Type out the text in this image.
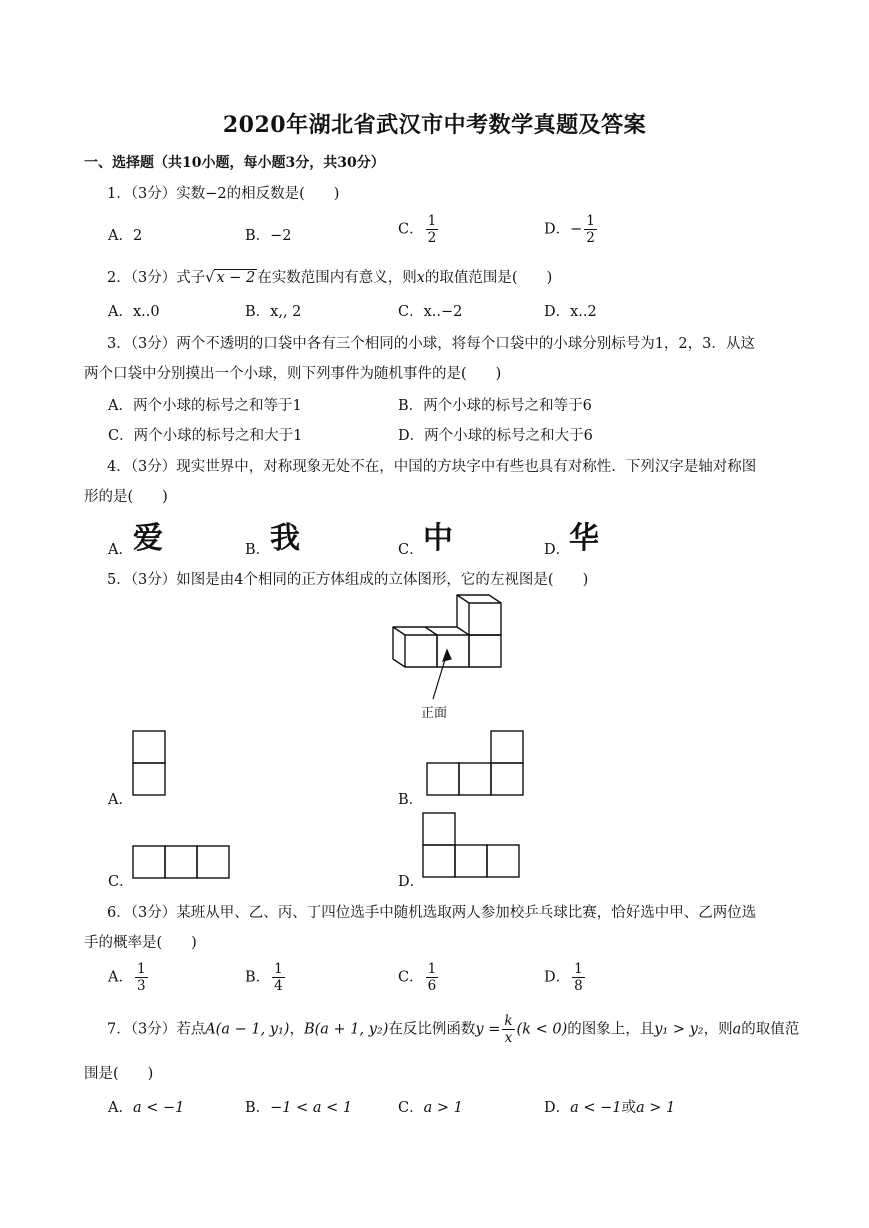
2020年湖北省武汉市中考数学真题及答案
一、选择题（共10小题，每小题3分，共30分）
1．（3分）实数−2的相反数是(　　)
A．2	B．−2	C． $\frac{1}{2}$	D．− $\frac{1}{2}$
2．（3分）式子√ x − 2 在实数范围内有意义，则x的取值范围是(　　)
A．x..0	B．x,, 2	C．x..−2	D．x..2
3．（3分）两个不透明的口袋中各有三个相同的小球，将每个口袋中的小球分别标号为1，2，3．从这
两个口袋中分别摸出一个小球，则下列事件为随机事件的是(　　)
A．两个小球的标号之和等于1	B．两个小球的标号之和等于6
C．两个小球的标号之和大于1	D．两个小球的标号之和大于6
4．（3分）现实世界中，对称现象无处不在，中国的方块字中有些也具有对称性．下列汉字是轴对称图
形的是(　　)
A． 爱	B． 我	C． 中	D．
华
5．（3分）如图是由4个相同的正方体组成的立体图形，它的左视图是(　　)
正面
A．	B．
C．	D．
6．（3分）某班从甲、乙、丙、丁四位选手中随机选取两人参加校乒乓球比赛，恰好选中甲、乙两位选
手的概率是(　　)
A． $\frac{1}{3}$	B． $\frac{1}{4}$	C． $\frac{1}{6}$	D． $\frac{1}{8}$
7．（3分）若点A(a − 1, y₁)，B(a + 1, y₂)在反比例函数$y = \frac{k}{x} (k < 0)$的图象上，且y₁ > y₂，则a的取值范
围是(　　)
A．a < −1	B．−1 < a < 1	C．a > 1	D．a < −1或a > 1
